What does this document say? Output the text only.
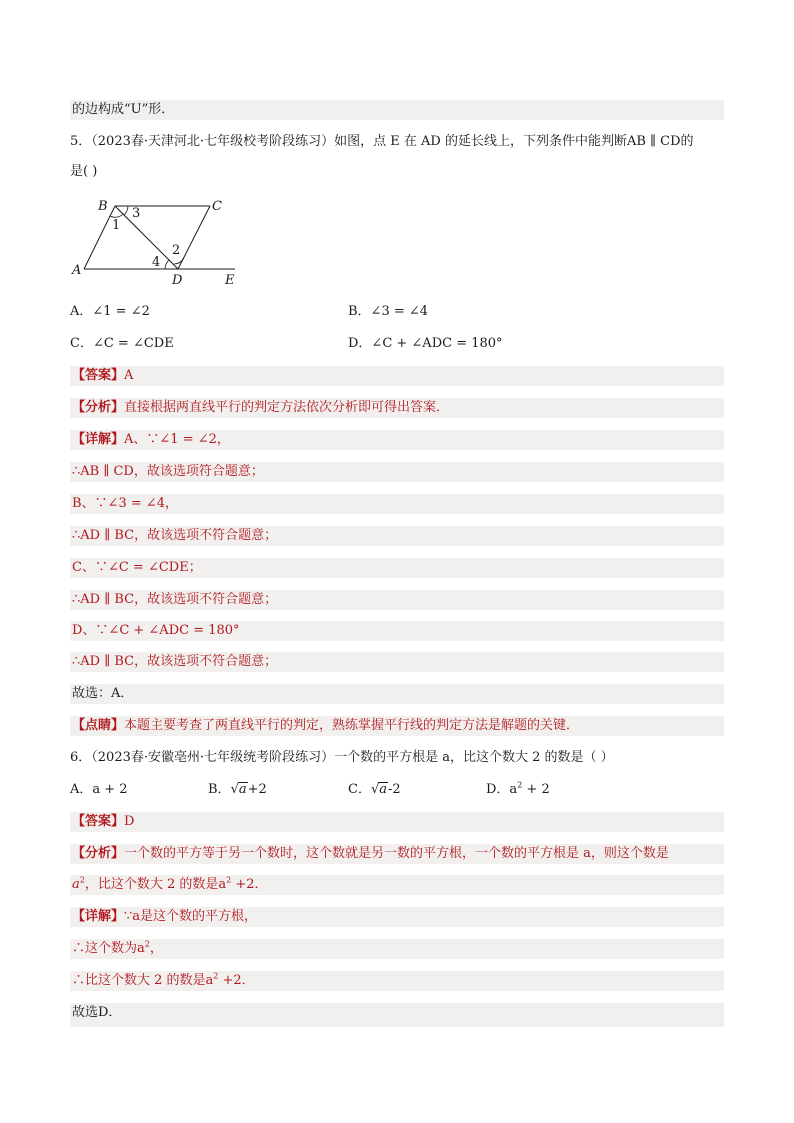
的边构成“U”形．
5．（2023春·天津河北·七年级校考阶段练习）如图，点 E 在 AD 的延长线上，下列条件中能判断AB ∥ CD的
是( )
B	C
A
D	E
1
3
2
4
A．∠1 = ∠2	B．∠3 = ∠4
C．∠C = ∠CDE	D．∠C + ∠ADC = 180°
【答案】A
【分析】直接根据两直线平行的判定方法依次分析即可得出答案．
【详解】A、∵∠1 = ∠2，
∴AB ∥ CD，故该选项符合题意；
B、∵∠3 = ∠4，
∴AD ∥ BC，故该选项不符合题意；
C、∵∠C = ∠CDE；
∴AD ∥ BC，故该选项不符合题意；
D、∵∠C + ∠ADC = 180°
∴AD ∥ BC，故该选项不符合题意；
故选：A．
【点睛】本题主要考查了两直线平行的判定，熟练掌握平行线的判定方法是解题的关键．
6．（2023春·安徽亳州·七年级统考阶段练习）一个数的平方根是 a，比这个数大 2 的数是（ ）
A．a + 2	B．√a+2	C．√a-2	D．$a^2 + 2$
【答案】D
【分析】一个数的平方等于另一个数时，这个数就是另一数的平方根，一个数的平方根是 a，则这个数是
$a^2$，比这个数大 2 的数是$a^2 +2$．
【详解】∵a是这个数的平方根，
∴这个数为$a^2$，
∴比这个数大 2 的数是$a^2 +2$．
故选D．
